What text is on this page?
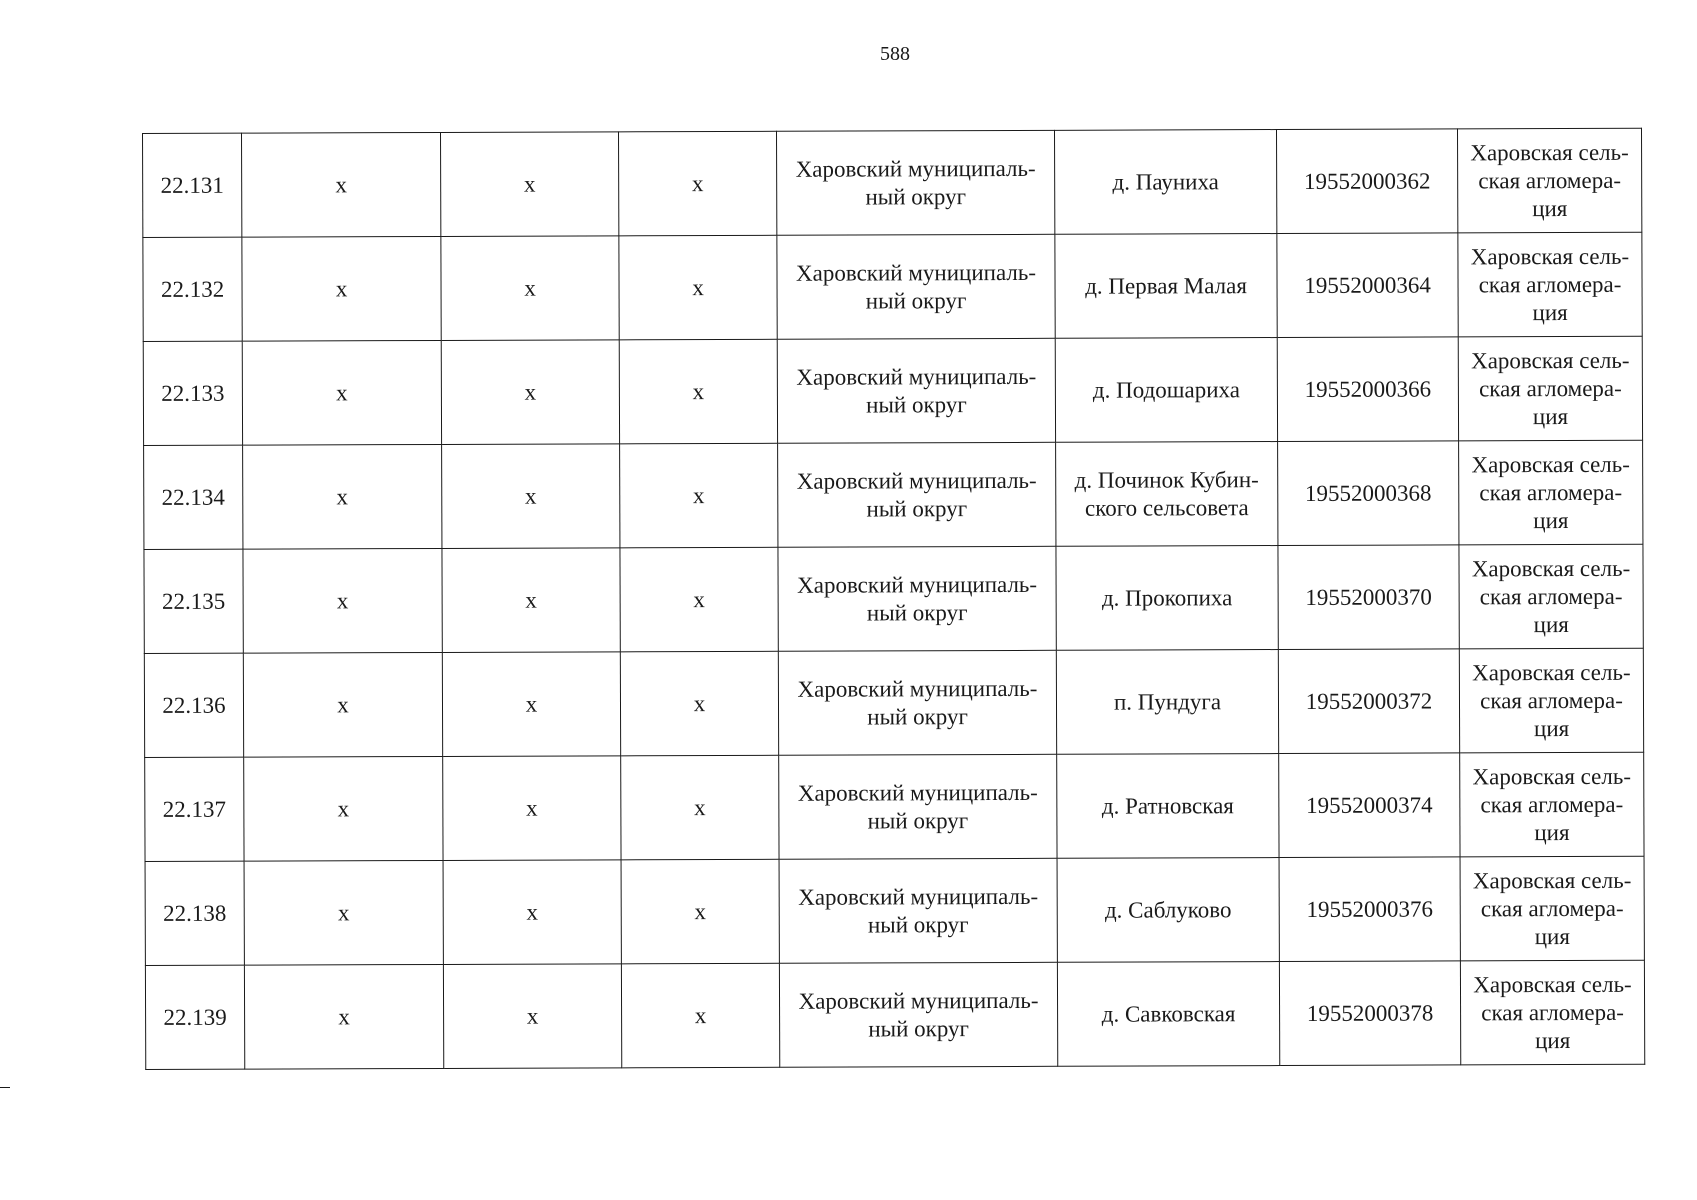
588
22.131	x	x	x	Харовский муниципаль-ный округ	д. Пауниха	19552000362	Харовская сель-ская агломера-ция
22.132	x	x	x	Харовский муниципаль-ный округ	д. Первая Малая	19552000364	Харовская сель-ская агломера-ция
22.133	x	x	x	Харовский муниципаль-ный округ	д. Подошариха	19552000366	Харовская сель-ская агломера-ция
22.134	x	x	x	Харовский муниципаль-ный округ	д. Починок Кубин-ского сельсовета	19552000368	Харовская сель-ская агломера-ция
22.135	x	x	x	Харовский муниципаль-ный округ	д. Прокопиха	19552000370	Харовская сель-ская агломера-ция
22.136	x	x	x	Харовский муниципаль-ный округ	п. Пундуга	19552000372	Харовская сель-ская агломера-ция
22.137	x	x	x	Харовский муниципаль-ный округ	д. Ратновская	19552000374	Харовская сель-ская агломера-ция
22.138	x	x	x	Харовский муниципаль-ный округ	д. Саблуково	19552000376	Харовская сель-ская агломера-ция
22.139	x	x	x	Харовский муниципаль-ный округ	д. Савковская	19552000378	Харовская сель-ская агломера-ция
